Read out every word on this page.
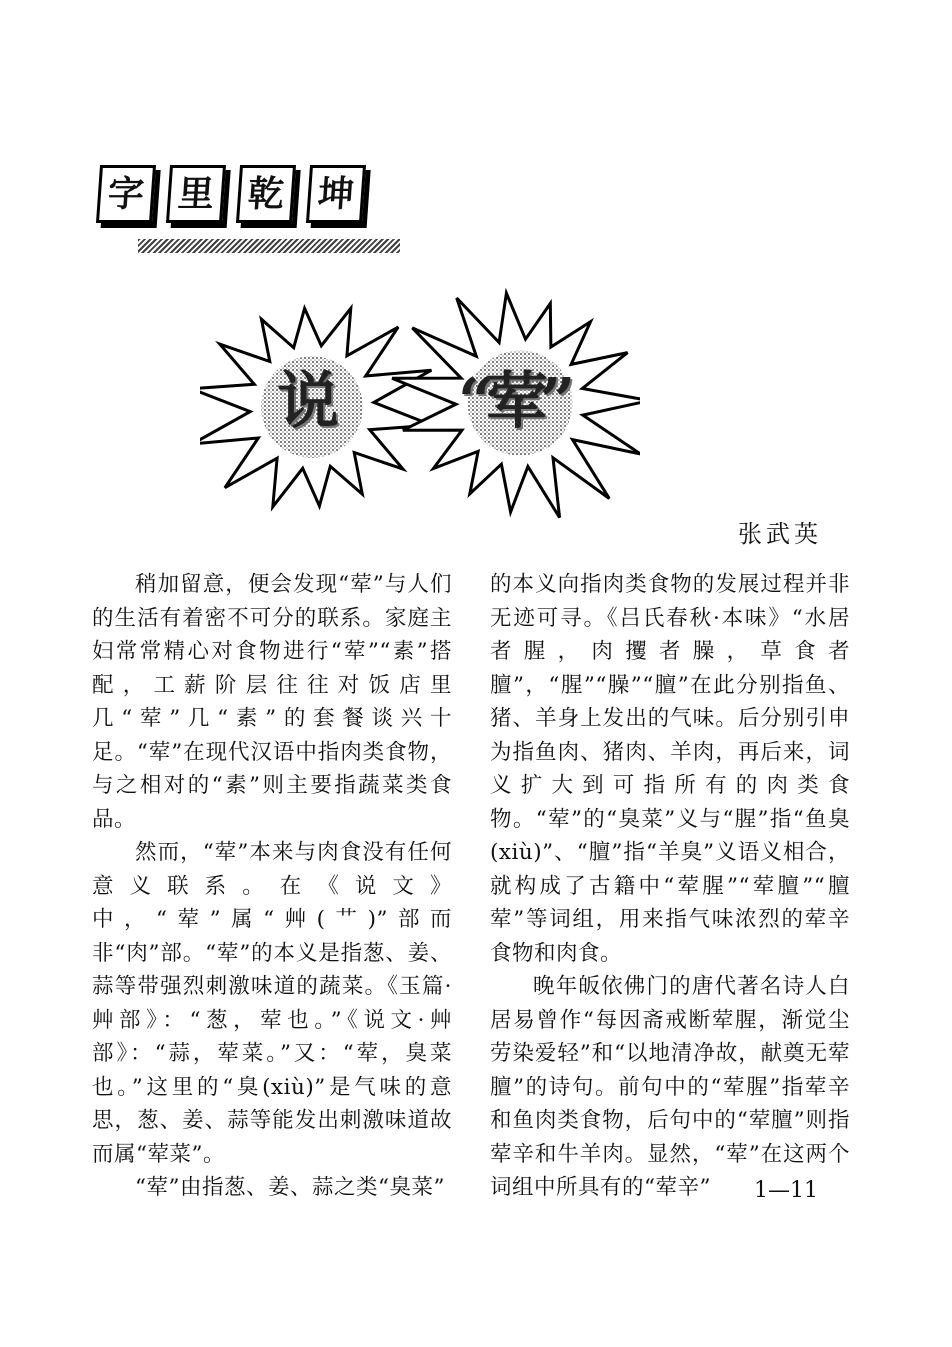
字 里 乾 坤
说 “荤”
张武英

稍加留意，便会发现“荤”与人们的生活有着密不可分的联系。家庭主妇常常精心对食物进行“荤”“素”搭配，工薪阶层往往对饭店里几“荤”几“素”的套餐谈兴十足。“荤”在现代汉语中指肉类食物，与之相对的“素”则主要指蔬菜类食品。

然而，“荤”本来与肉食没有任何意义联系。在《说文》中，“荤”属“艸(艹)”部而非“肉”部。“荤”的本义是指葱、姜、蒜等带强烈刺激味道的蔬菜。《玉篇·艸部》：“葱，荤也。”《说文·艸部》：“蒜，荤菜。”又：“荤，臭菜也。”这里的“臭(xiù)”是气味的意思，葱、姜、蒜等能发出刺激味道故而属“荤菜”。

“荤”由指葱、姜、蒜之类“臭菜”

的本义向指肉类食物的发展过程并非无迹可寻。《吕氏春秋·本味》“水居者腥，肉攫者臊，草食者膻”，“腥”“臊”“膻”在此分别指鱼、猪、羊身上发出的气味。后分别引申为指鱼肉、猪肉、羊肉，再后来，词义扩大到可指所有的肉类食物。“荤”的“臭菜”义与“腥”指“鱼臭(xiù)”、“膻”指“羊臭”义语义相合，就构成了古籍中“荤腥”“荤膻”“膻荤”等词组，用来指气味浓烈的荤辛食物和肉食。

晚年皈依佛门的唐代著名诗人白居易曾作“每因斋戒断荤腥，渐觉尘劳染爱轻”和“以地清净故，献奠无荤膻”的诗句。前句中的“荤腥”指荤辛和鱼肉类食物，后句中的“荤膻”则指荤辛和牛羊肉。显然，“荤”在这两个词组中所具有的“荤辛”	1—11
